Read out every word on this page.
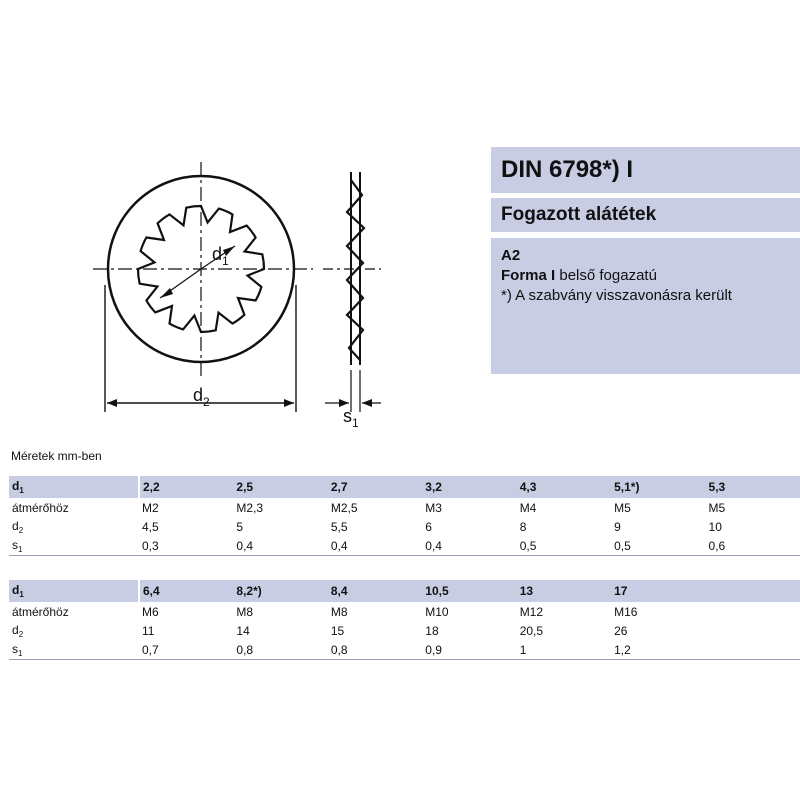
$d_1$
$d_2$
$s_1$
DIN 6798*) I
Fogazott alátétek
A2
Forma I belső fogazatú
*) A szabvány visszavonásra került
Méretek mm-ben
$d_1$	2,2	2,5	2,7	3,2	4,3	5,1*)	5,3
átmérőhöz	M2	M2,3	M2,5	M3	M4	M5	M5
$d_2$	4,5	5	5,5	6	8	9	10
$s_1$	0,3	0,4	0,4	0,4	0,5	0,5	0,6
$d_1$	6,4	8,2*)	8,4	10,5	13	17	
átmérőhöz	M6	M8	M8	M10	M12	M16	
$d_2$	11	14	15	18	20,5	26	
$s_1$	0,7	0,8	0,8	0,9	1	1,2	
